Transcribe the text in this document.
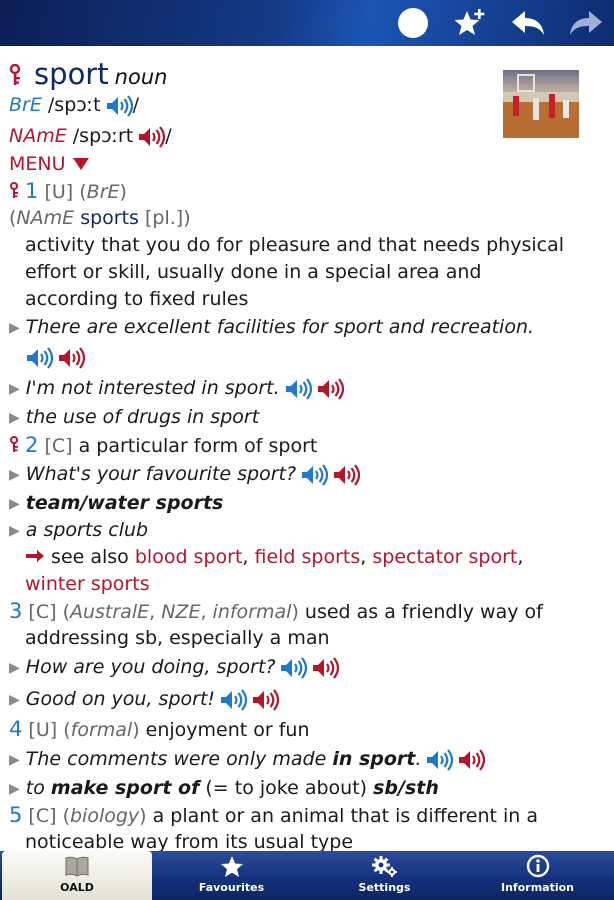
sport noun
BrE /spɔːt /
NAmE /spɔːrt /
MENU
1 [U] (BrE)
(NAmE sports [pl.])
activity that you do for pleasure and that needs physical
effort or skill, usually done in a special area and
according to fixed rules
▶ There are excellent facilities for sport and recreation.
▶ I'm not interested in sport.
▶ the use of drugs in sport
2 [C] a particular form of sport
▶ What's your favourite sport?
▶ team/water sports
▶ a sports club
see also blood sport, field sports, spectator sport,
winter sports
3 [C] (AustralE, NZE, informal) used as a friendly way of
addressing sb, especially a man
▶ How are you doing, sport?
▶ Good on you, sport!
4 [U] (formal) enjoyment or fun
▶ The comments were only made in sport.
▶ to make sport of (= to joke about) sb/sth
5 [C] (biology) a plant or an animal that is different in a
noticeable way from its usual type
OALD	Favourites	Settings	Information
